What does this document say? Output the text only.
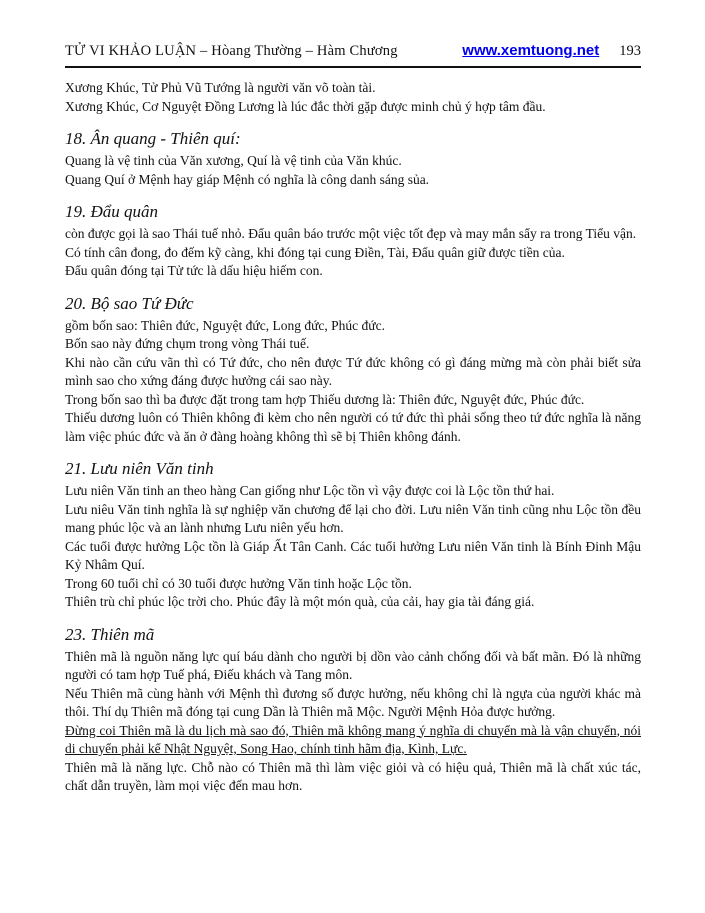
TỬ VI KHẢO LUẬN – Hòang Thường – Hàm Chương	www.xemtuong.net 193

Xương Khúc, Tử Phủ Vũ Tướng là người văn võ toàn tài.

Xương Khúc, Cơ Nguyệt Đồng Lương là lúc đắc thời gặp được minh chủ ý hợp tâm đầu.

18. Ân quang - Thiên quí:

Quang là vệ tinh của Văn xương, Quí là vệ tinh của Văn khúc.

Quang Quí ở Mệnh hay giáp Mệnh có nghĩa là công danh sáng sủa.

19. Đẩu quân

còn được gọi là sao Thái tuế nhỏ. Đẩu quân báo trước một việc tốt đẹp và may mắn sẩy ra trong Tiểu vận.

Có tính cân đong, đo đếm kỹ càng, khi đóng tại cung Điền, Tài, Đẩu quân giữ được tiền của.

Đẩu quân đóng tại Tử tức là dấu hiệu hiếm con.

20. Bộ sao Tứ Đức

gồm bốn sao: Thiên đức, Nguyệt đức, Long đức, Phúc đức.

Bốn sao này đứng chụm trong vòng Thái tuế.

Khi nào cần cứu vãn thì có Tứ đức, cho nên được Tứ đức không có gì đáng mừng mà còn phải biết sửa mình sao cho xứng đáng được hưởng cái sao này.

Trong bốn sao thì ba được đặt trong tam hợp Thiếu dương là: Thiên đức, Nguyệt đức, Phúc đức.

Thiếu dương luôn có Thiên không đi kèm cho nên người có tứ đức thì phải sống theo tứ đức nghĩa là năng làm việc phúc đức và ăn ở đàng hoàng không thì sẽ bị Thiên không đánh.

21. Lưu niên Văn tinh

Lưu niên Văn tinh an theo hàng Can giống như Lộc tồn vì vậy được coi là Lộc tồn thứ hai.

Lưu niêu Văn tinh nghĩa là sự nghiệp văn chương để lại cho đời. Lưu niên Văn tinh cũng nhu Lộc tồn đều mang phúc lộc và an lành nhưng Lưu niên yếu hơn.

Các tuổi được hưởng Lộc tồn là Giáp Ất Tân Canh. Các tuổi hưởng Lưu niên Văn tinh là Bính Đinh Mậu Kỷ Nhâm Quí.

Trong 60 tuổi chỉ có 30 tuổi được hưởng Văn tinh hoặc Lộc tồn.

Thiên trù chỉ phúc lộc trời cho. Phúc đây là một món quà, của cải, hay gia tài đáng giá.

23. Thiên mã

Thiên mã là nguồn năng lực quí báu dành cho người bị dồn vào cảnh chống đối và bất mãn. Đó là những người có tam hợp Tuế phá, Điếu khách và Tang môn.

Nếu Thiên mã cùng hành với Mệnh thì đương số được hưởng, nếu không chỉ là ngựa của người khác mà thôi. Thí dụ Thiên mã đóng tại cung Dần là Thiên mã Mộc. Người Mệnh Hỏa được hưởng.

Đừng coi Thiên mã là du lịch mà sao đó, Thiên mã không mang ý nghĩa di chuyển mà là vận chuyển, nói di chuyển phải kể Nhật Nguyệt, Song Hao, chính tinh hãm địa, Kình, Lực.

Thiên mã là năng lực. Chỗ nào có Thiên mã thì làm việc giỏi và có hiệu quả, Thiên mã là chất xúc tác, chất dẫn truyền, làm mọi việc đến mau hơn.
